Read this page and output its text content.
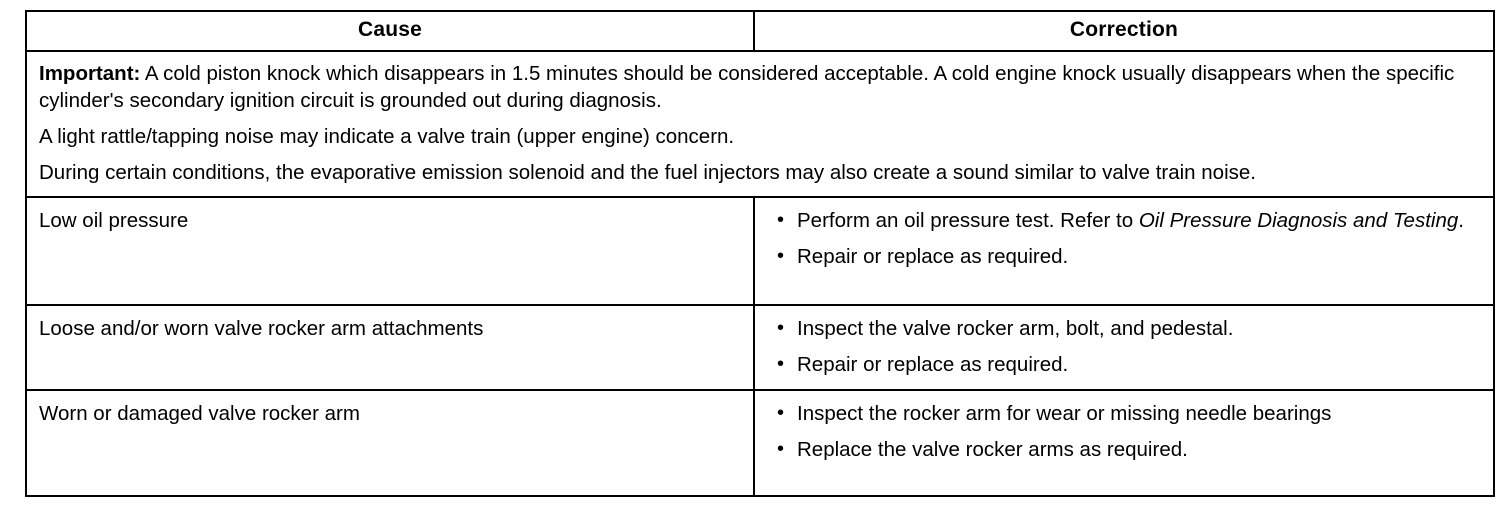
Cause	Correction

Important: A cold piston knock which disappears in 1.5 minutes should be considered acceptable. A cold engine knock usually disappears when the specific cylinder's secondary ignition circuit is grounded out during diagnosis.

A light rattle/tapping noise may indicate a valve train (upper engine) concern.

During certain conditions, the evaporative emission solenoid and the fuel injectors may also create a sound similar to valve train noise.	

Low oil pressure	
•Perform an oil pressure test. Refer to Oil Pressure Diagnosis and Testing.
• Repair or replace as required.

Loose and/or worn valve rocker arm attachments	
•Inspect the valve rocker arm, bolt, and pedestal.
• Repair or replace as required.

Worn or damaged valve rocker arm	
•Inspect the rocker arm for wear or missing needle bearings
• Replace the valve rocker arms as required.
